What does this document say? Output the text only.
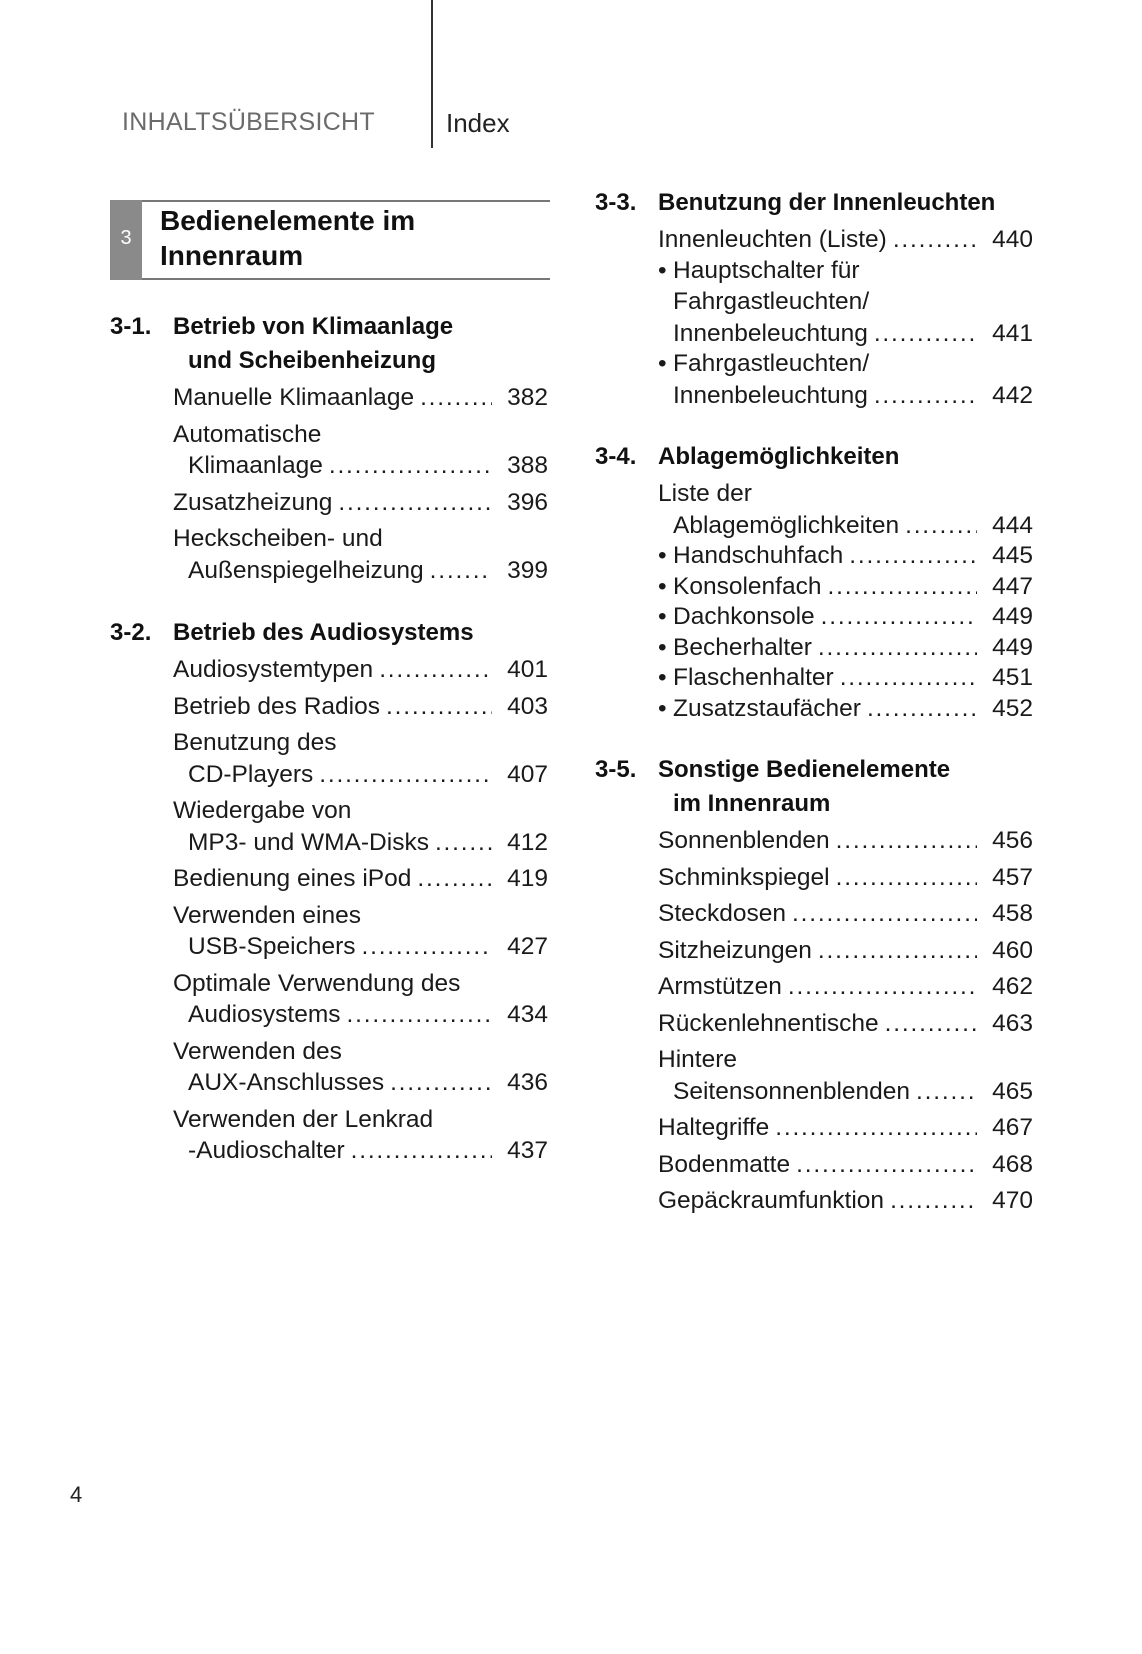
INHALTSÜBERSICHT	Index
3
Bedienelemente im
Innenraum
3-1. Betrieb von Klimaanlage
und Scheibenheizung
Manuelle Klimaanlage .....	382
Automatische
Klimaanlage .....	388
Zusatzheizung .....	396
Heckscheiben- und
Außenspiegelheizung .....	399
3-2. Betrieb des Audiosystems
Audiosystemtypen .....	401
Betrieb des Radios .....	403
Benutzung des
CD-Players .....	407
Wiedergabe von
MP3- und WMA-Disks .....	412
Bedienung eines iPod .....	419
Verwenden eines
USB-Speichers .....	427
Optimale Verwendung des
Audiosystems .....	434
Verwenden des
AUX-Anschlusses .....	436
Verwenden der Lenkrad
-Audioschalter .....	437
3-3. Benutzung der Innenleuchten
Innenleuchten (Liste) .....	440
• Hauptschalter für
Fahrgastleuchten/
Innenbeleuchtung .....	441
• Fahrgastleuchten/
Innenbeleuchtung .....	442
3-4. Ablagemöglichkeiten
Liste der
Ablagemöglichkeiten .....	444
• Handschuhfach .....	445
• Konsolenfach .....	447
• Dachkonsole .....	449
• Becherhalter .....	449
• Flaschenhalter .....	451
• Zusatzstaufächer .....	452
3-5. Sonstige Bedienelemente
im Innenraum
Sonnenblenden .....	456
Schminkspiegel .....	457
Steckdosen .....	458
Sitzheizungen .....	460
Armstützen .....	462
Rückenlehnentische .....	463
Hintere
Seitensonnenblenden .....	465
Haltegriffe .....	467
Bodenmatte .....	468
Gepäckraumfunktion .....	470
4
